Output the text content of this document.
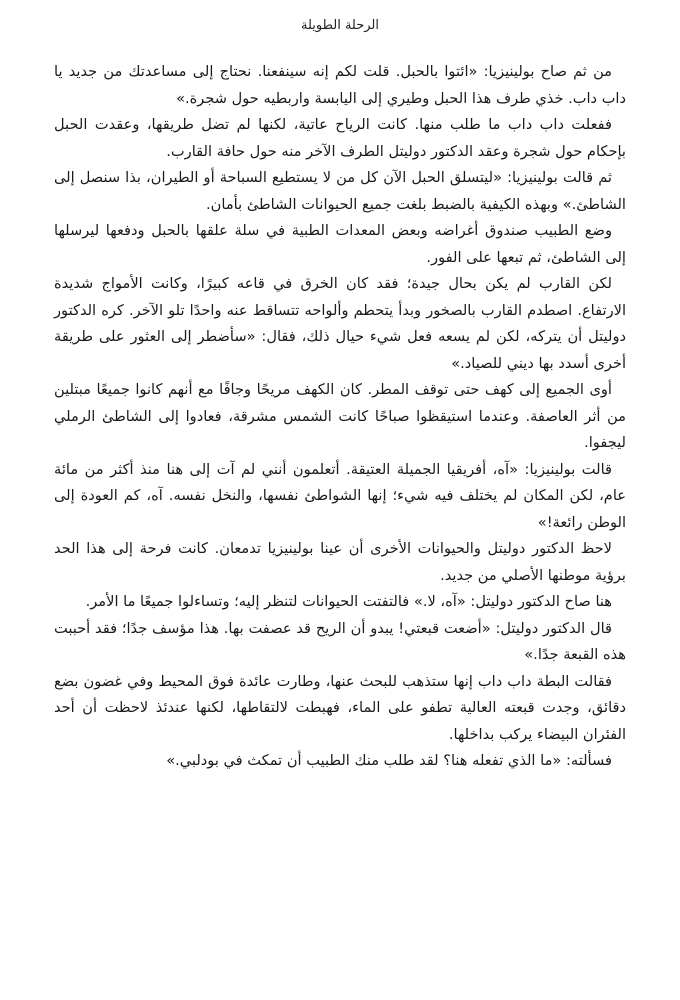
الرحلة الطويلة

من ثم صاح بولينيزيا: «ائتوا بالحبل. قلت لكم إنه سينفعنا. نحتاج إلى مساعدتك من جديد يا داب داب. خذي طرف هذا الحبل وطيري إلى اليابسة واربطيه حول شجرة.»

ففعلت داب داب ما طلب منها. كانت الرياح عاتية، لكنها لم تضل طريقها، وعقدت الحبل بإحكام حول شجرة وعقد الدكتور دوليتل الطرف الآخر منه حول حافة القارب.

ثم قالت بولينيزيا: «ليتسلق الحبل الآن كل من لا يستطيع السباحة أو الطيران، بذا سنصل إلى الشاطئ.» وبهذه الكيفية بالضبط بلغت جميع الحيوانات الشاطئ بأمان.

وضع الطبيب صندوق أغراضه وبعض المعدات الطبية في سلة علقها بالحبل ودفعها ليرسلها إلى الشاطئ، ثم تبعها على الفور.

لكن القارب لم يكن بحال جيدة؛ فقد كان الخرق في قاعه كبيرًا، وكانت الأمواج شديدة الارتفاع. اصطدم القارب بالصخور وبدأ يتحطم وألواحه تتساقط عنه واحدًا تلو الآخر. كره الدكتور دوليتل أن يتركه، لكن لم يسعه فعل شيء حيال ذلك، فقال: «سأضطر إلى العثور على طريقة أخرى أسدد بها ديني للصياد.»

أوى الجميع إلى كهف حتى توقف المطر. كان الكهف مريحًا وجافًا مع أنهم كانوا جميعًا مبتلين من أثر العاصفة. وعندما استيقظوا صباحًا كانت الشمس مشرقة، فعادوا إلى الشاطئ الرملي ليجفوا.

قالت بولينيزيا: «آه، أفريقيا الجميلة العتيقة. أتعلمون أنني لم آت إلى هنا منذ أكثر من مائة عام، لكن المكان لم يختلف فيه شيء؛ إنها الشواطئ نفسها، والنخل نفسه. آه، كم العودة إلى الوطن رائعة!»

لاحظ الدكتور دوليتل والحيوانات الأخرى أن عينا بولينيزيا تدمعان. كانت فرحة إلى هذا الحد برؤية موطنها الأصلي من جديد.

هنا صاح الدكتور دوليتل: «آه، لا.» فالتفتت الحيوانات لتنظر إليه؛ وتساءلوا جميعًا ما الأمر.

قال الدكتور دوليتل: «أضعت قبعتي! يبدو أن الريح قد عصفت بها. هذا مؤسف جدًا؛ فقد أحببت هذه القبعة جدًا.»

فقالت البطة داب داب إنها ستذهب للبحث عنها، وطارت عائدة فوق المحيط وفي غضون بضع دقائق، وجدت قبعته العالية تطفو على الماء، فهبطت لالتقاطها، لكنها عندئذ لاحظت أن أحد الفئران البيضاء يركب بداخلها.

فسألته: «ما الذي تفعله هنا؟ لقد طلب منك الطبيب أن تمكث في بودلبي.»
